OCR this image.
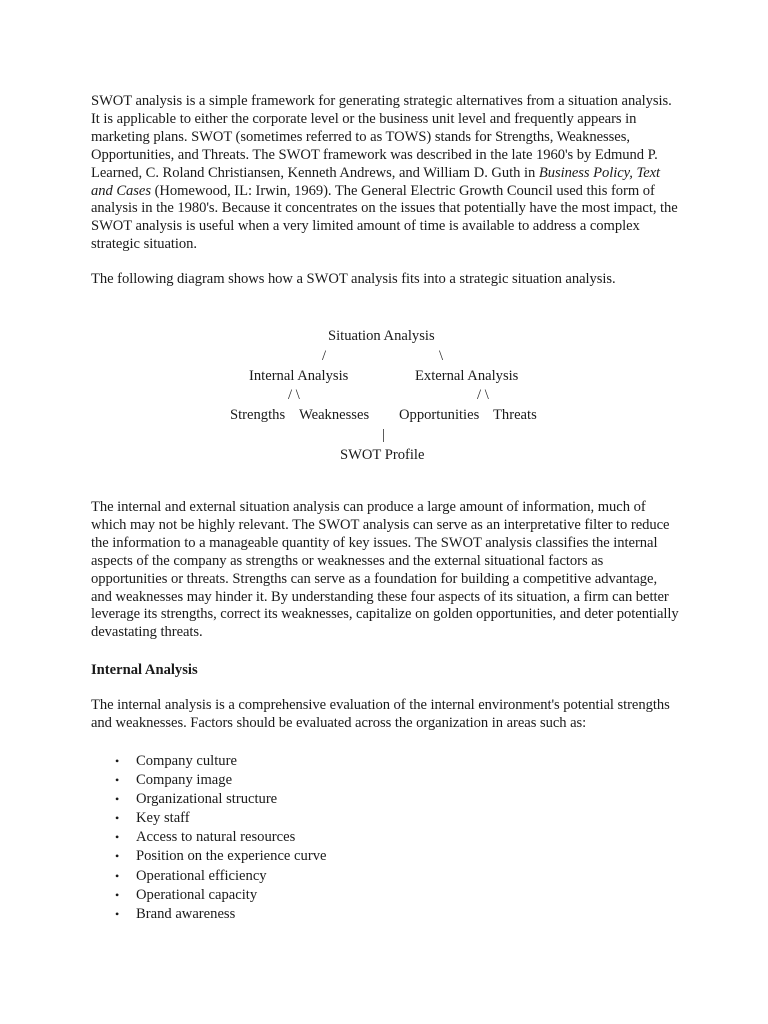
SWOT analysis is a simple framework for generating strategic alternatives from a situation analysis. It is applicable to either the corporate level or the business unit level and frequently appears in marketing plans. SWOT (sometimes referred to as TOWS) stands for Strengths, Weaknesses, Opportunities, and Threats. The SWOT framework was described in the late 1960's by Edmund P. Learned, C. Roland Christiansen, Kenneth Andrews, and William D. Guth in Business Policy, Text and Cases (Homewood, IL: Irwin, 1969). The General Electric Growth Council used this form of analysis in the 1980's. Because it concentrates on the issues that potentially have the most impact, the SWOT analysis is useful when a very limited amount of time is available to address a complex strategic situation.

The following diagram shows how a SWOT analysis fits into a strategic situation analysis.

Situation Analysis
/	\
Internal Analysis	External Analysis
/ \	/ \
Strengths Weaknesses Opportunities Threats
|
SWOT Profile

The internal and external situation analysis can produce a large amount of information, much of which may not be highly relevant. The SWOT analysis can serve as an interpretative filter to reduce the information to a manageable quantity of key issues. The SWOT analysis classifies the internal aspects of the company as strengths or weaknesses and the external situational factors as opportunities or threats. Strengths can serve as a foundation for building a competitive advantage, and weaknesses may hinder it. By understanding these four aspects of its situation, a firm can better leverage its strengths, correct its weaknesses, capitalize on golden opportunities, and deter potentially devastating threats.

Internal Analysis

The internal analysis is a comprehensive evaluation of the internal environment's potential strengths and weaknesses. Factors should be evaluated across the organization in areas such as:

• Company culture
• Company image
• Organizational structure
• Key staff
• Access to natural resources
• Position on the experience curve
• Operational efficiency
• Operational capacity
• Brand awareness
